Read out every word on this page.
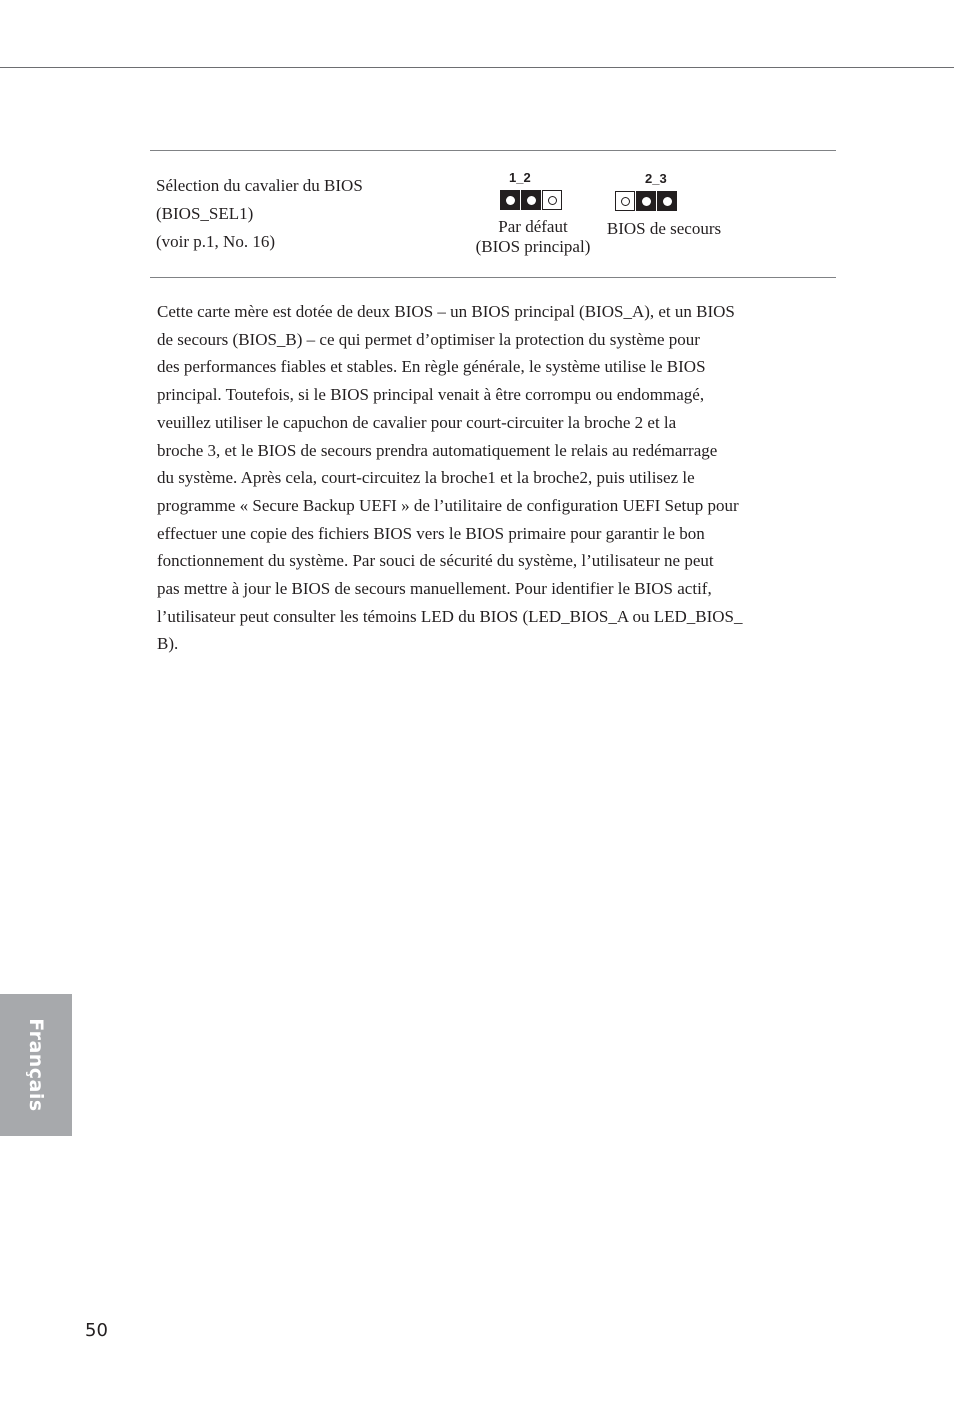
Sélection du cavalier du BIOS
(BIOS_SEL1)
(voir p.1, No. 16)
1_2
Par défaut
(BIOS principal)
2_3
BIOS de secours
Cette carte mère est dotée de deux BIOS – un BIOS principal (BIOS_A), et un BIOS
de secours (BIOS_B) – ce qui permet d’optimiser la protection du système pour
des performances fiables et stables. En règle générale, le système utilise le BIOS
principal. Toutefois, si le BIOS principal venait à être corrompu ou endommagé,
veuillez utiliser le capuchon de cavalier pour court-circuiter la broche 2 et la
broche 3, et le BIOS de secours prendra automatiquement le relais au redémarrage
du système. Après cela, court-circuitez la broche1 et la broche2, puis utilisez le
programme « Secure Backup UEFI » de l’utilitaire de configuration UEFI Setup pour
effectuer une copie des fichiers BIOS vers le BIOS primaire pour garantir le bon
fonctionnement du système. Par souci de sécurité du système, l’utilisateur ne peut
pas mettre à jour le BIOS de secours manuellement. Pour identifier le BIOS actif,
l’utilisateur peut consulter les témoins LED du BIOS (LED_BIOS_A ou LED_BIOS_
B).
Français
50
